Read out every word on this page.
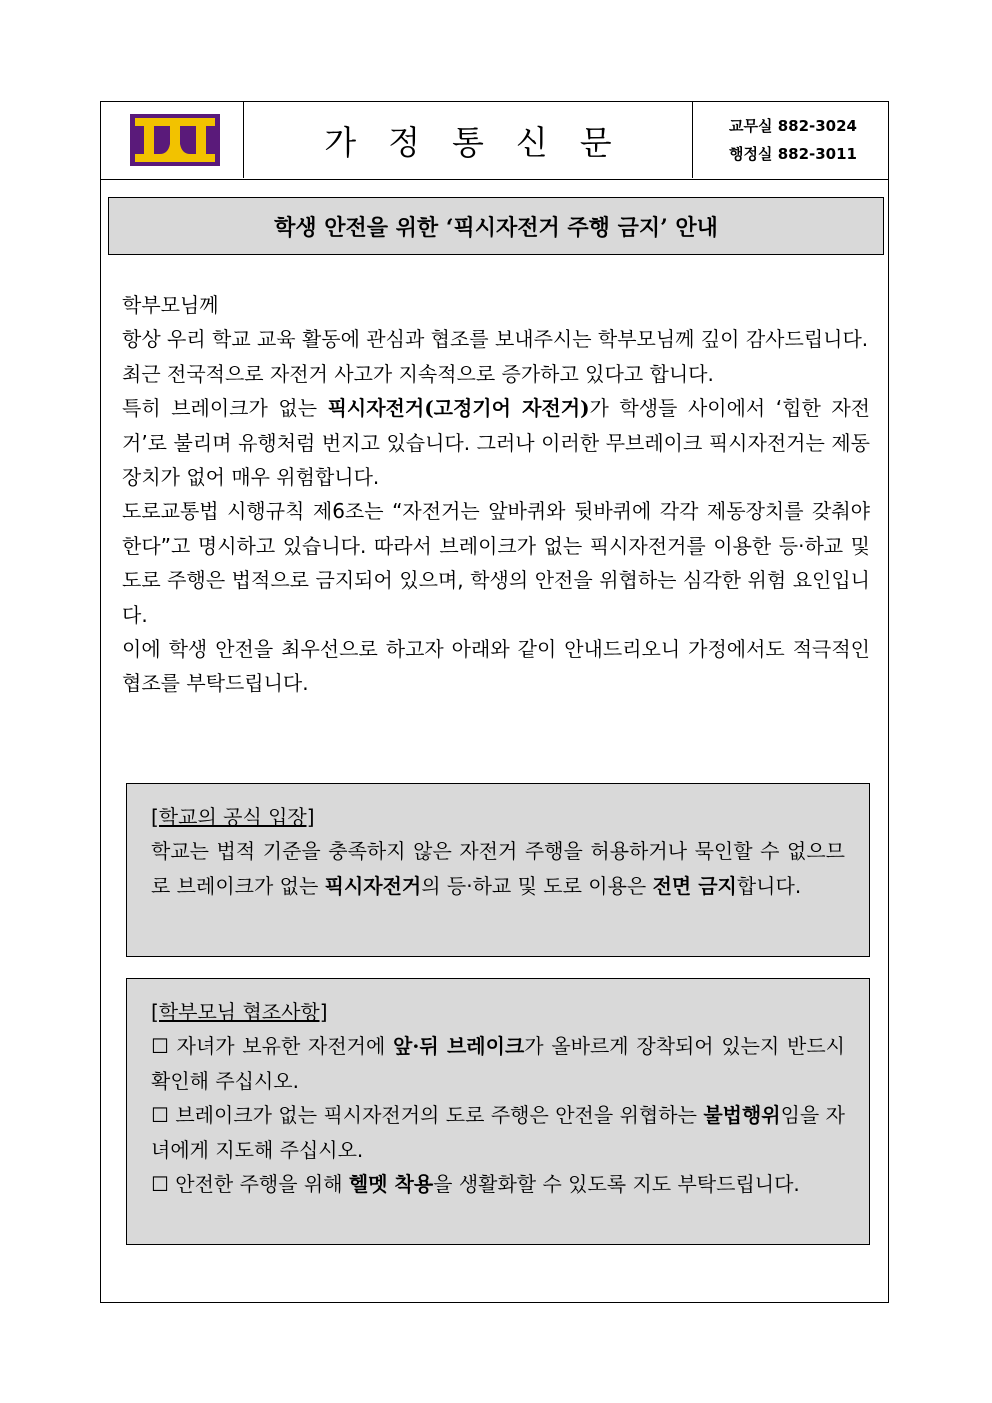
가정통신문	교무실 882-3024
행정실 882-3011
학생 안전을 위한 ‘픽시자전거 주행 금지’ 안내

학부모님께

항상 우리 학교 교육 활동에 관심과 협조를 보내주시는 학부모님께 깊이 감사드립니다.

최근 전국적으로 자전거 사고가 지속적으로 증가하고 있다고 합니다.

특히 브레이크가 없는 픽시자전거(고정기어 자전거)가 학생들 사이에서 ‘힙한 자전거’로 불리며 유행처럼 번지고 있습니다. 그러나 이러한 무브레이크 픽시자전거는 제동장치가 없어 매우 위험합니다.

도로교통법 시행규칙 제6조는 “자전거는 앞바퀴와 뒷바퀴에 각각 제동장치를 갖춰야 한다”고 명시하고 있습니다. 따라서 브레이크가 없는 픽시자전거를 이용한 등·하교 및 도로 주행은 법적으로 금지되어 있으며, 학생의 안전을 위협하는 심각한 위험 요인입니다.

이에 학생 안전을 최우선으로 하고자 아래와 같이 안내드리오니 가정에서도 적극적인 협조를 부탁드립니다.

[학교의 공식 입장]

학교는 법적 기준을 충족하지 않은 자전거 주행을 허용하거나 묵인할 수 없으므로 브레이크가 없는 픽시자전거의 등·하교 및 도로 이용은 전면 금지합니다.

[학부모님 협조사항]

☐ 자녀가 보유한 자전거에 앞·뒤 브레이크가 올바르게 장착되어 있는지 반드시 확인해 주십시오.

☐ 브레이크가 없는 픽시자전거의 도로 주행은 안전을 위협하는 불법행위임을 자녀에게 지도해 주십시오.

☐ 안전한 주행을 위해 헬멧 착용을 생활화할 수 있도록 지도 부탁드립니다.
